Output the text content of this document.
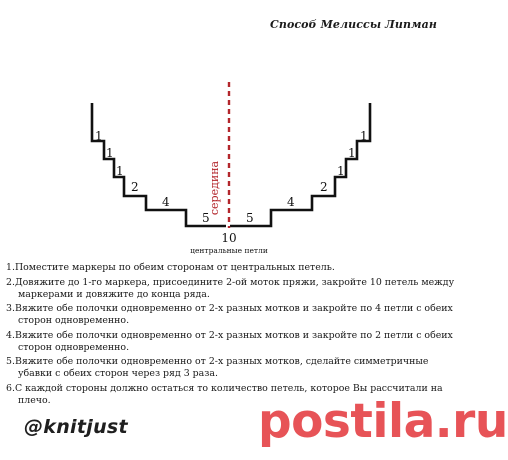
Способ Мелиссы Липман
середина
1
1
1
2
4
5	5
4
2
1
1
1
10
центральные петли
1.Поместите маркеры по обеим сторонам от центральных петель.
2.Довяжите до 1-го маркера, присоедините 2-ой моток пряжи, закройте 10 петель между маркерами и довяжите до конца ряда.
3.Вяжите обе полочки одновременно от 2-х разных мотков и закройте по 4 петли с обеих сторон одновременно.
4.Вяжите обе полочки одновременно от 2-х разных мотков и закройте по 2 петли с обеих сторон одновременно.
5.Вяжите обе полочки одновременно от 2-х разных мотков, сделайте симметричные убавки с обеих сторон через ряд 3 раза.
6.С каждой стороны должно остаться то количество петель, которое Вы рассчитали на плечо.	postila.ru
@knitjust
